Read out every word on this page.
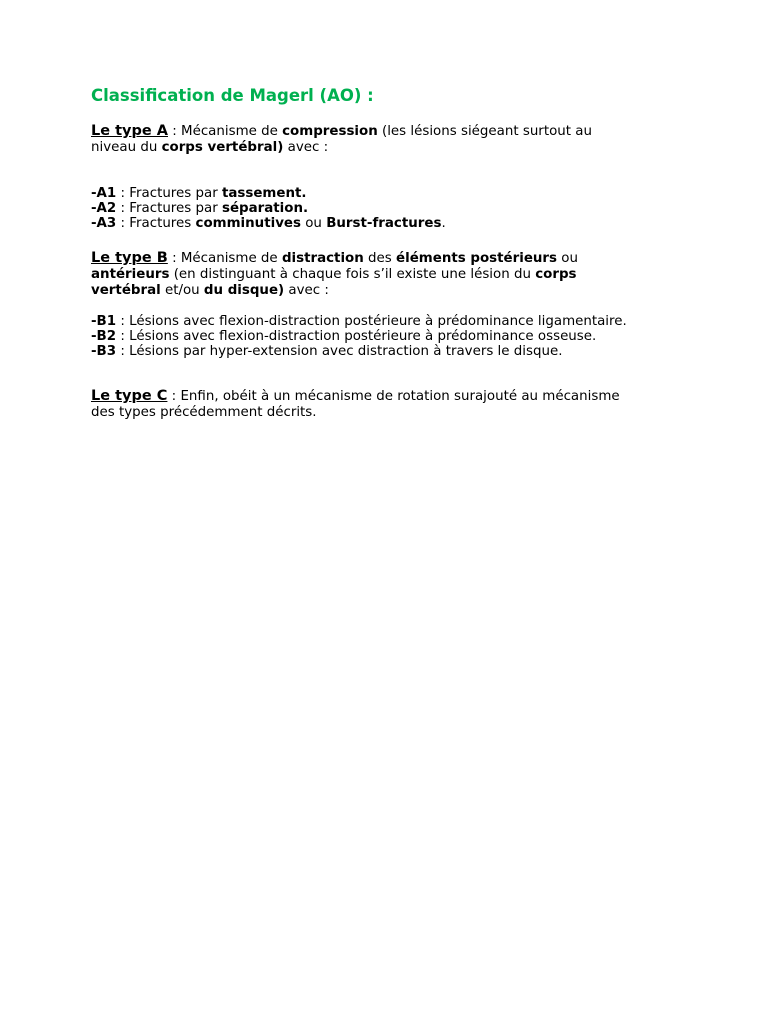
Classification de Magerl (AO) :
Le type A : Mécanisme de compression (les lésions siégeant surtout au
niveau du corps vertébral) avec :
-A1 : Fractures par tassement.
-A2 : Fractures par séparation.
-A3 : Fractures comminutives ou Burst-fractures.
Le type B : Mécanisme de distraction des éléments postérieurs ou
antérieurs (en distinguant à chaque fois s’il existe une lésion du corps
vertébral et/ou du disque) avec :
-B1 : Lésions avec flexion-distraction postérieure à prédominance ligamentaire.
-B2 : Lésions avec flexion-distraction postérieure à prédominance osseuse.
-B3 : Lésions par hyper-extension avec distraction à travers le disque.
Le type C : Enfin, obéit à un mécanisme de rotation surajouté au mécanisme
des types précédemment décrits.
